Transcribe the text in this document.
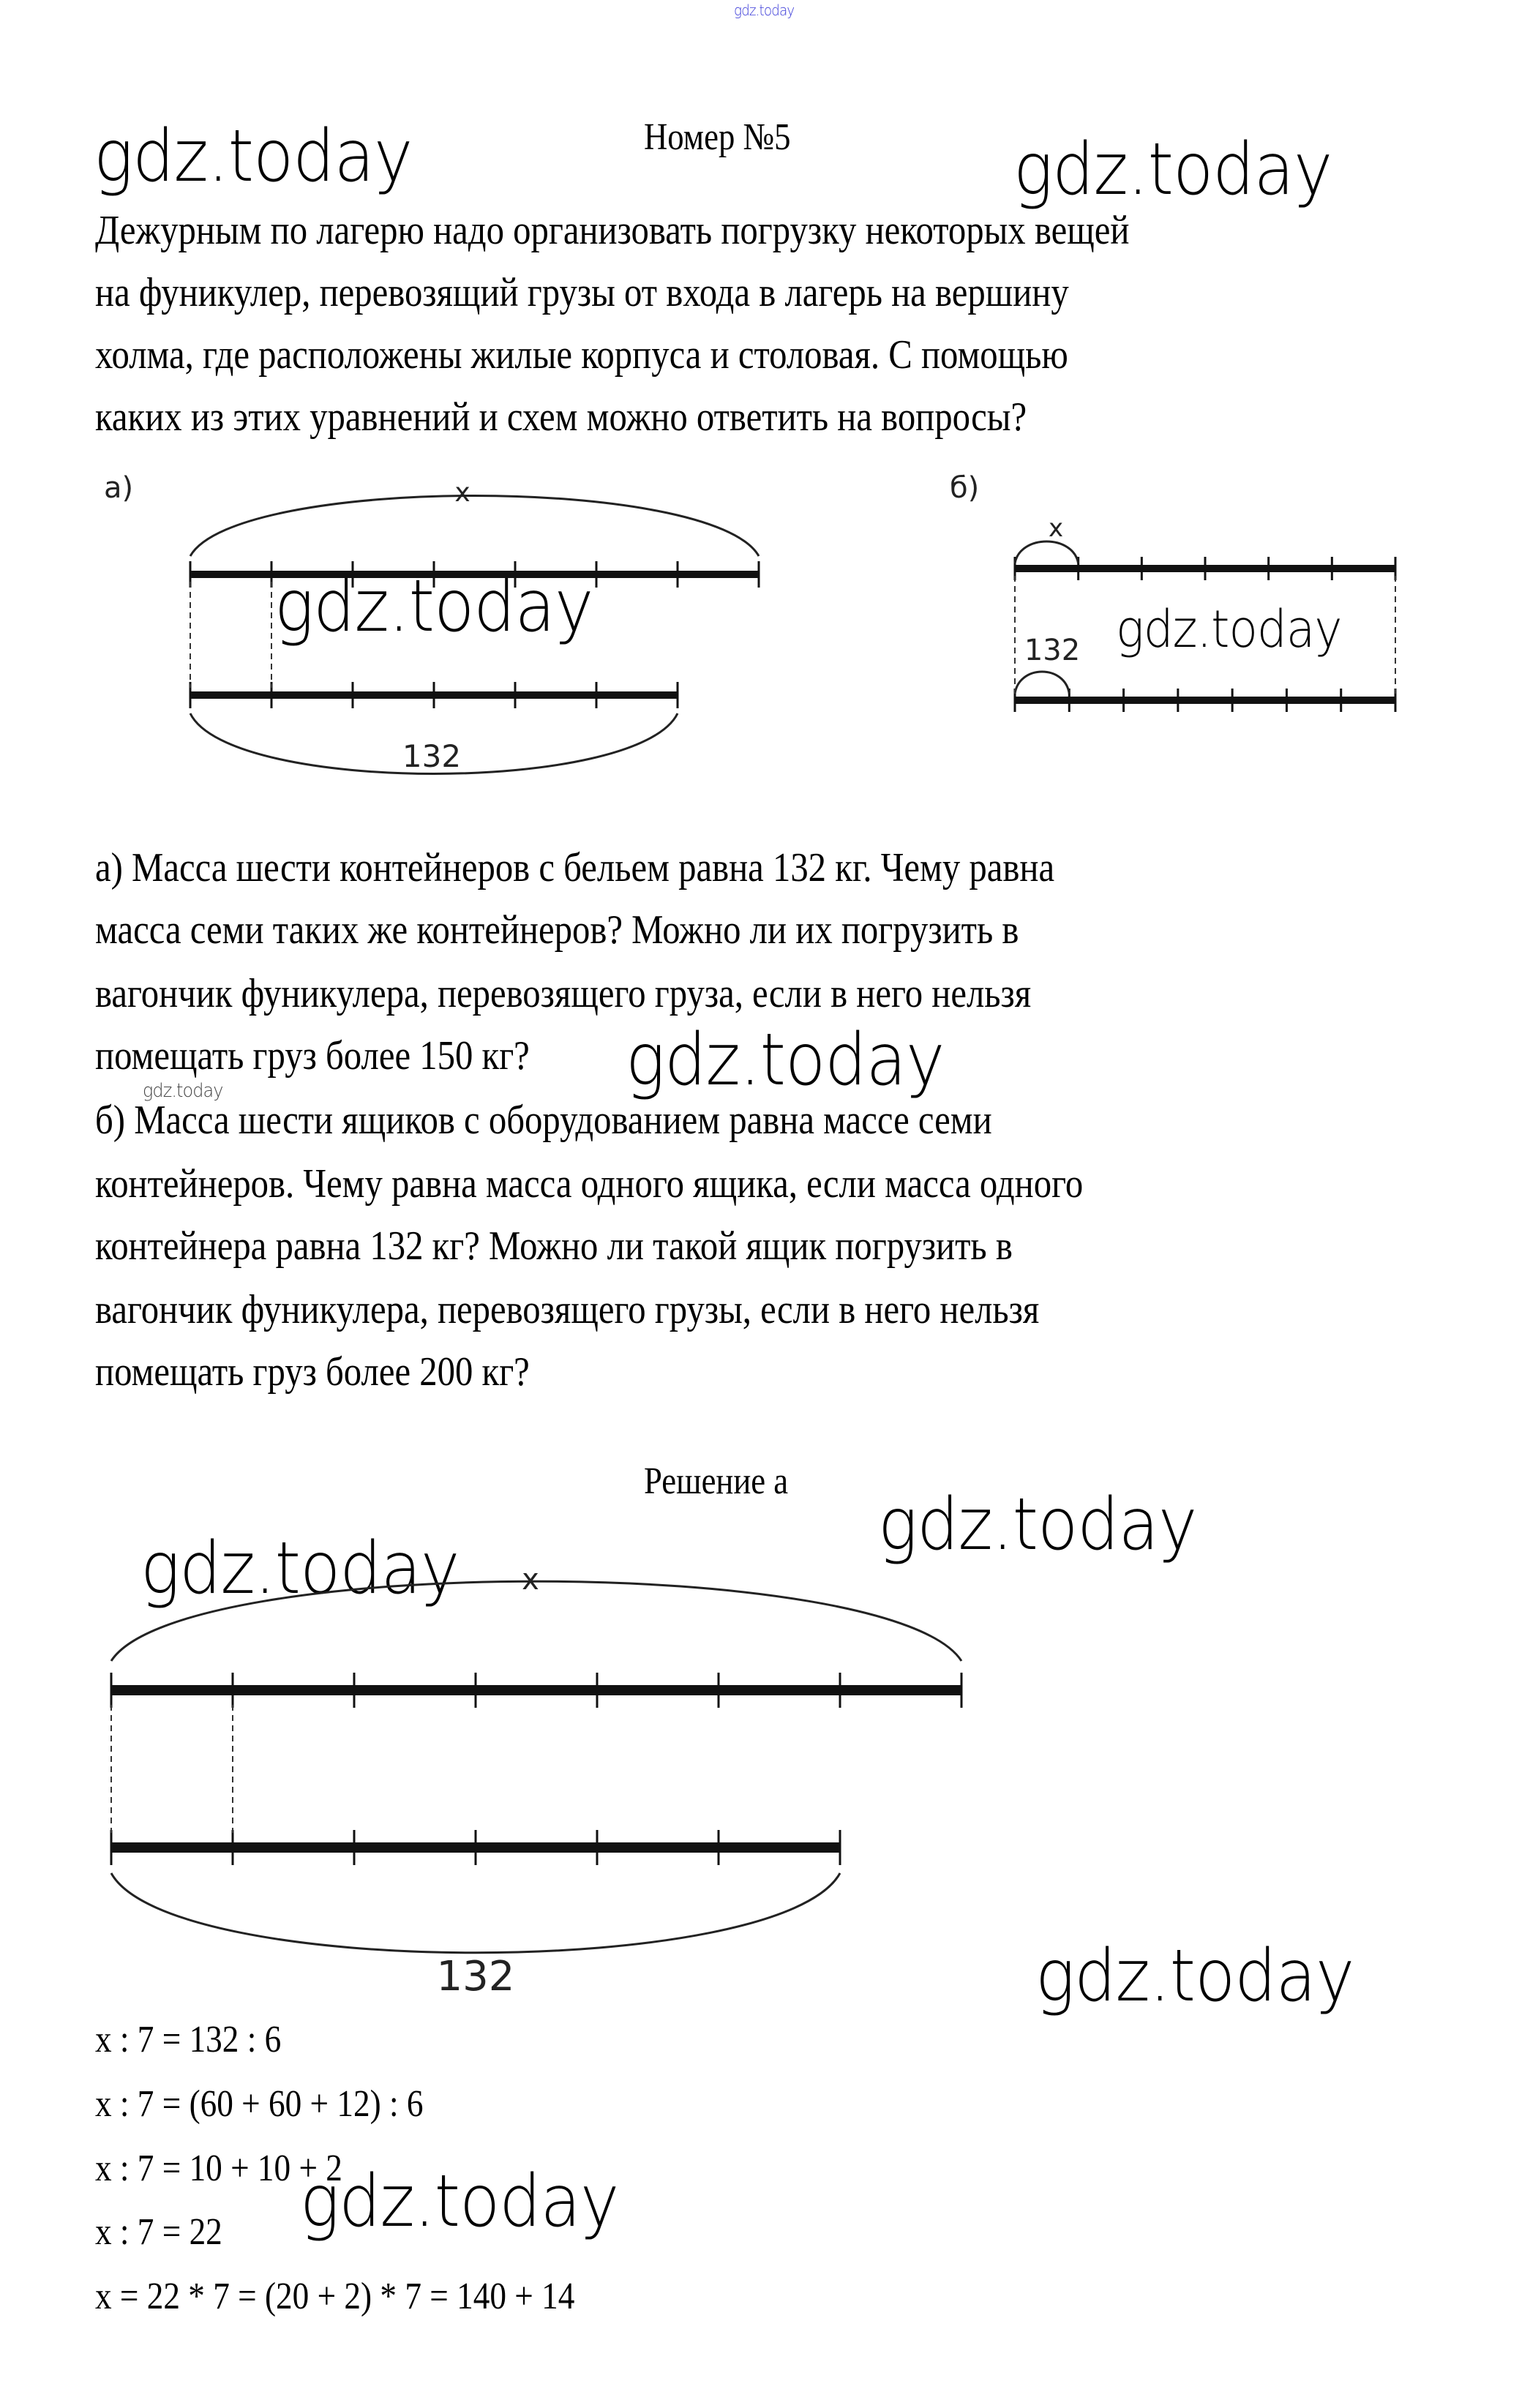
gdz.today
gdz.today	gdz.today
gdz.today	gdz.today
gdz.today
gdz.today
gdz.today
gdz.today
gdz.today
gdz.today
Номер №5
Дежурным по лагерю надо организовать погрузку некоторых вещей
на фуникулер, перевозящий грузы от входа в лагерь на вершину
холма, где расположены жилые корпуса и столовая. С помощью
каких из этих уравнений и схем можно ответить на вопросы?
а)	x
132
б)
x
132
а) Масса шести контейнеров с бельем равна 132 кг. Чему равна
масса семи таких же контейнеров? Можно ли их погрузить в
вагончик фуникулера, перевозящего груза, если в него нельзя
помещать груз более 150 кг?
б) Масса шести ящиков с оборудованием равна массе семи
контейнеров. Чему равна масса одного ящика, если масса одного
контейнера равна 132 кг? Можно ли такой ящик погрузить в
вагончик фуникулера, перевозящего грузы, если в него нельзя
помещать груз более 200 кг?
Решение а
x
132
x : 7 = 132 : 6
x : 7 = (60 + 60 + 12) : 6
x : 7 = 10 + 10 + 2
x : 7 = 22
x = 22 * 7 = (20 + 2) * 7 = 140 + 14
